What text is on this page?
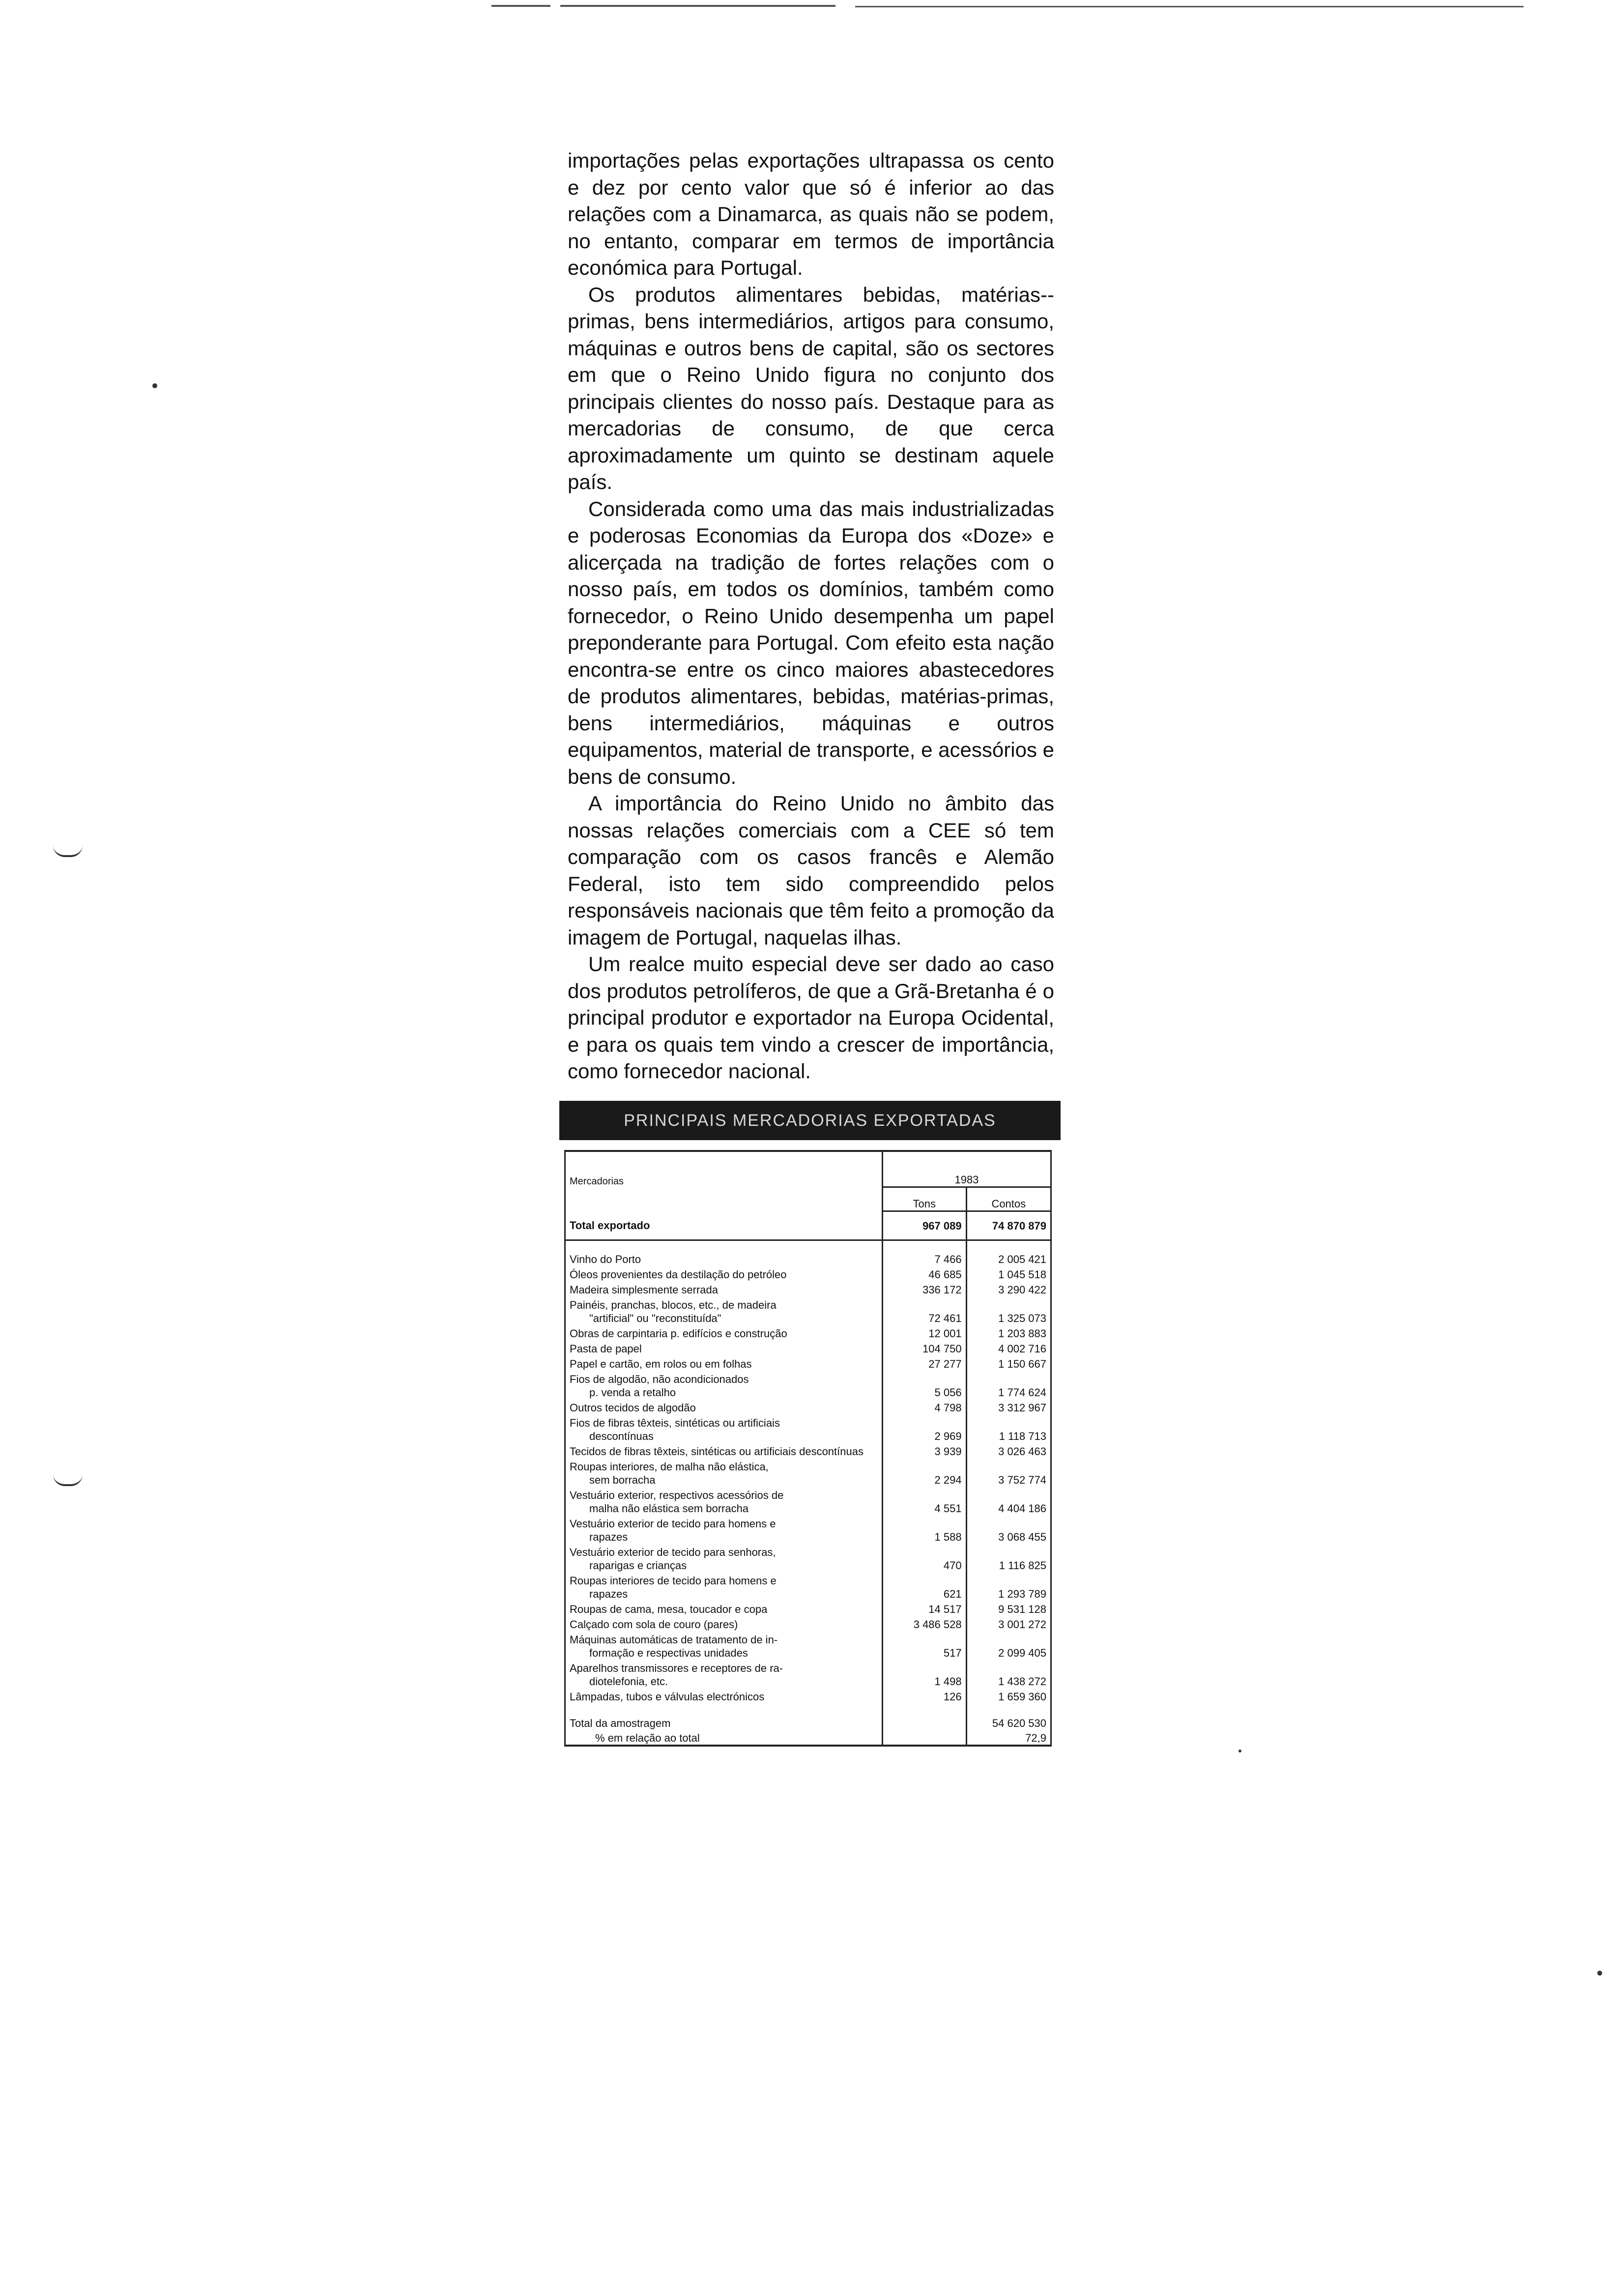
importações pelas exportações ultrapassa os cento e dez por cento valor que só é inferior ao das relações com a Dinamarca, as quais não se podem, no entanto, comparar em termos de importância económica para Portugal.

Os produtos alimentares bebidas, matérias--primas, bens intermediários, artigos para consumo, máquinas e outros bens de capital, são os sectores em que o Reino Unido figura no conjunto dos principais clientes do nosso país. Destaque para as mercadorias de consumo, de que cerca aproximadamente um quinto se destinam aquele país.

Considerada como uma das mais industrializadas e poderosas Economias da Europa dos «Doze» e alicerçada na tradição de fortes relações com o nosso país, em todos os domínios, também como fornecedor, o Reino Unido desempenha um papel preponderante para Portugal. Com efeito esta nação encontra-se entre os cinco maiores abastecedores de produtos alimentares, bebidas, matérias-primas, bens intermediários, máquinas e outros equipamentos, material de transporte, e acessórios e bens de consumo.

A importância do Reino Unido no âmbito das nossas relações comerciais com a CEE só tem comparação com os casos francês e Alemão Federal, isto tem sido compreendido pelos responsáveis nacionais que têm feito a promoção da imagem de Portugal, naquelas ilhas.

Um realce muito especial deve ser dado ao caso dos produtos petrolíferos, de que a Grã-Bretanha é o principal produtor e exportador na Europa Ocidental, e para os quais tem vindo a crescer de importância, como fornecedor nacional.

PRINCIPAIS MERCADORIAS EXPORTADAS
Mercadorias	1983	
	Tons	Contos
Total exportado	967 089	74 870 879

Vinho do Porto	7 466	2 005 421

Óleos provenientes da destilação do petróleo	46 685	1 045 518

Madeira simplesmente serrada	336 172	3 290 422

Painéis, pranchas, blocos, etc., de madeira
"artificial" ou "reconstituída"	72 461	1 325 073

Obras de carpintaria p. edifícios e construção	12 001	1 203 883

Pasta de papel	104 750	4 002 716

Papel e cartão, em rolos ou em folhas	27 277	1 150 667

Fios de algodão, não acondicionados
p. venda a retalho	5 056	1 774 624

Outros tecidos de algodão	4 798	3 312 967

Fios de fibras têxteis, sintéticas ou artificiais
descontínuas	2 969	1 118 713

Tecidos de fibras têxteis, sintéticas ou artificiais descontínuas	3 939	3 026 463

Roupas interiores, de malha não elástica,
sem borracha	2 294	3 752 774

Vestuário exterior, respectivos acessórios de
malha não elástica sem borracha	4 551	4 404 186

Vestuário exterior de tecido para homens e
rapazes	1 588	3 068 455

Vestuário exterior de tecido para senhoras,
raparigas e crianças	470	1 116 825

Roupas interiores de tecido para homens e
rapazes	621	1 293 789

Roupas de cama, mesa, toucador e copa	14 517	9 531 128

Calçado com sola de couro (pares)	3 486 528	3 001 272

Máquinas automáticas de tratamento de in-
formação e respectivas unidades	517	2 099 405

Aparelhos transmissores e receptores de ra-
diotelefonia, etc.	1 498	1 438 272

Lâmpadas, tubos e válvulas electrónicos	126	1 659 360

Total da amostragem		54 620 530
% em relação ao total		72,9
